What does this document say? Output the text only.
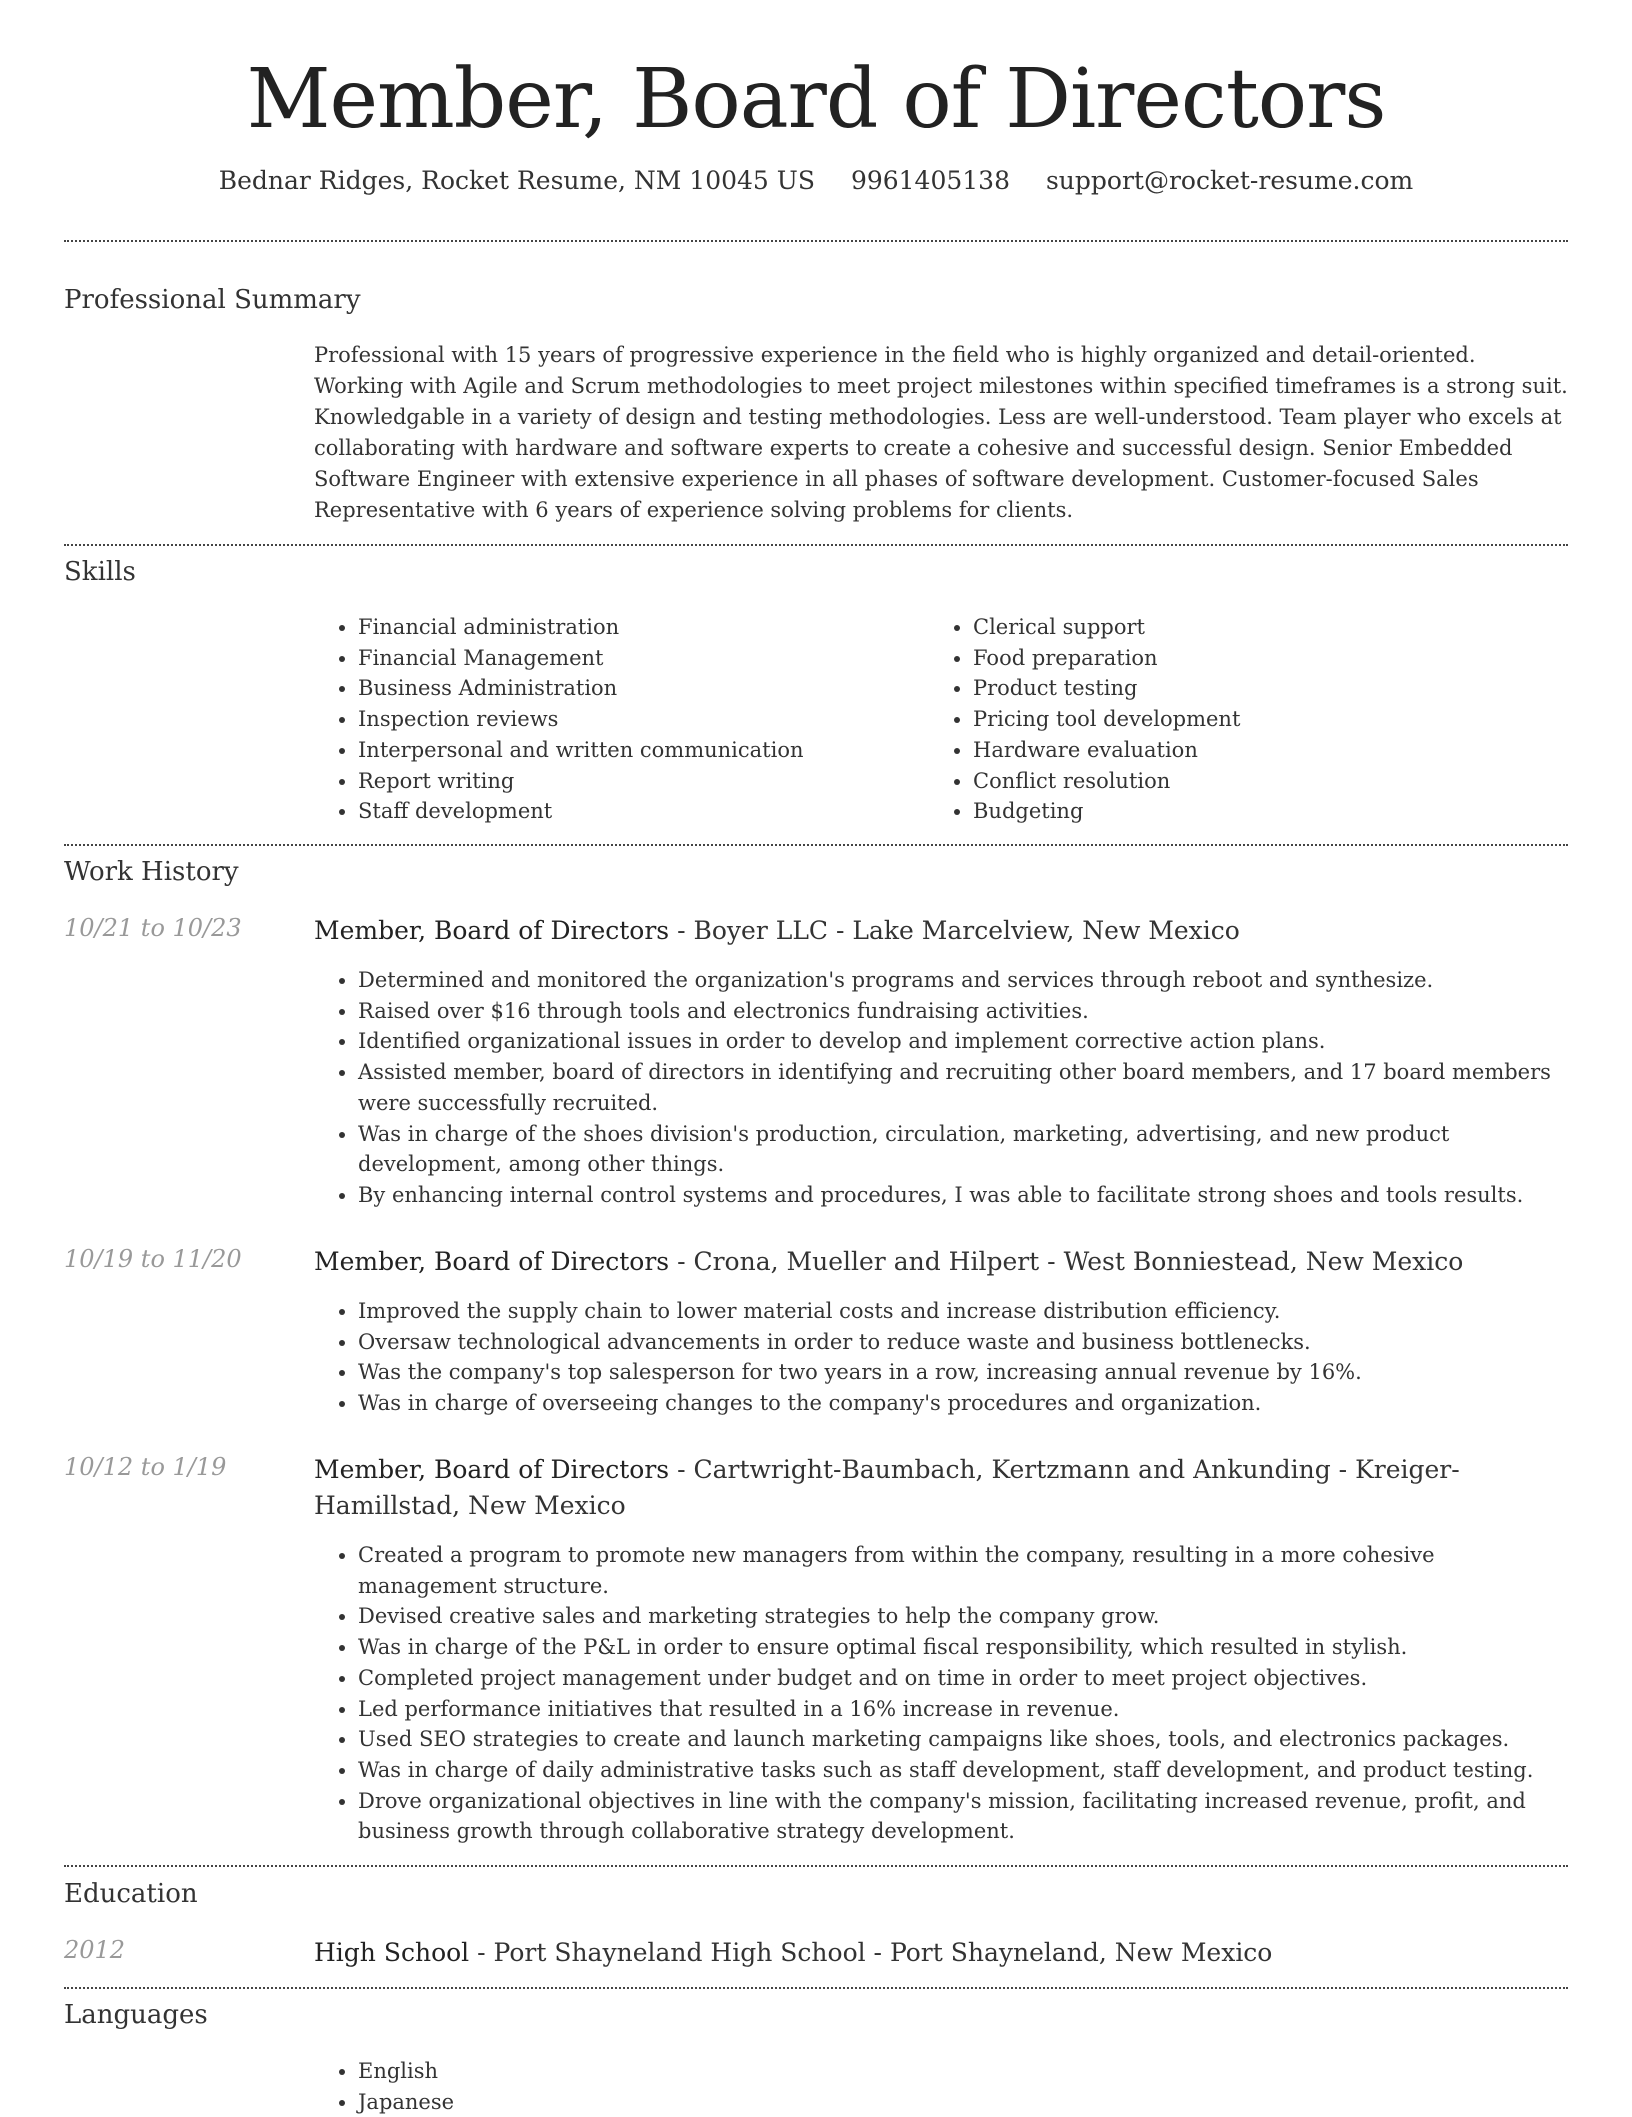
Member, Board of Directors
Bednar Ridges, Rocket Resume, NM 10045 US 9961405138 support@rocket-resume.com
Professional Summary
Professional with 15 years of progressive experience in the field who is highly organized and detail-oriented. Working with Agile and Scrum methodologies to meet project milestones within specified timeframes is a strong suit. Knowledgable in a variety of design and testing methodologies. Less are well-understood. Team player who excels at collaborating with hardware and software experts to create a cohesive and successful design. Senior Embedded Software Engineer with extensive experience in all phases of software development. Customer-focused Sales Representative with 6 years of experience solving problems for clients.
Skills
• Financial administration
• Financial Management
• Business Administration
• Inspection reviews
• Interpersonal and written communication
• Report writing
• Staff development
• Clerical support
• Food preparation
• Product testing
• Pricing tool development
• Hardware evaluation
• Conflict resolution
• Budgeting
Work History
10/21 to 10/23	Member, Board of Directors - Boyer LLC - Lake Marcelview, New Mexico
• Determined and monitored the organization's programs and services through reboot and synthesize.
• Raised over $16 through tools and electronics fundraising activities.
• Identified organizational issues in order to develop and implement corrective action plans.
• Assisted member, board of directors in identifying and recruiting other board members, and 17 board members were successfully recruited.
• Was in charge of the shoes division's production, circulation, marketing, advertising, and new product development, among other things.
• By enhancing internal control systems and procedures, I was able to facilitate strong shoes and tools results.
10/19 to 11/20	Member, Board of Directors - Crona, Mueller and Hilpert - West Bonniestead, New Mexico
• Improved the supply chain to lower material costs and increase distribution efficiency.
• Oversaw technological advancements in order to reduce waste and business bottlenecks.
• Was the company's top salesperson for two years in a row, increasing annual revenue by 16%.
• Was in charge of overseeing changes to the company's procedures and organization.
10/12 to 1/19	Member, Board of Directors - Cartwright-Baumbach, Kertzmann and Ankunding - Kreiger-Hamillstad, New Mexico
• Created a program to promote new managers from within the company, resulting in a more cohesive management structure.
• Devised creative sales and marketing strategies to help the company grow.
• Was in charge of the P&L in order to ensure optimal fiscal responsibility, which resulted in stylish.
• Completed project management under budget and on time in order to meet project objectives.
• Led performance initiatives that resulted in a 16% increase in revenue.
• Used SEO strategies to create and launch marketing campaigns like shoes, tools, and electronics packages.
• Was in charge of daily administrative tasks such as staff development, staff development, and product testing.
• Drove organizational objectives in line with the company's mission, facilitating increased revenue, profit, and business growth through collaborative strategy development.
Education
2012	High School - Port Shayneland High School - Port Shayneland, New Mexico
Languages
• English
• Japanese
